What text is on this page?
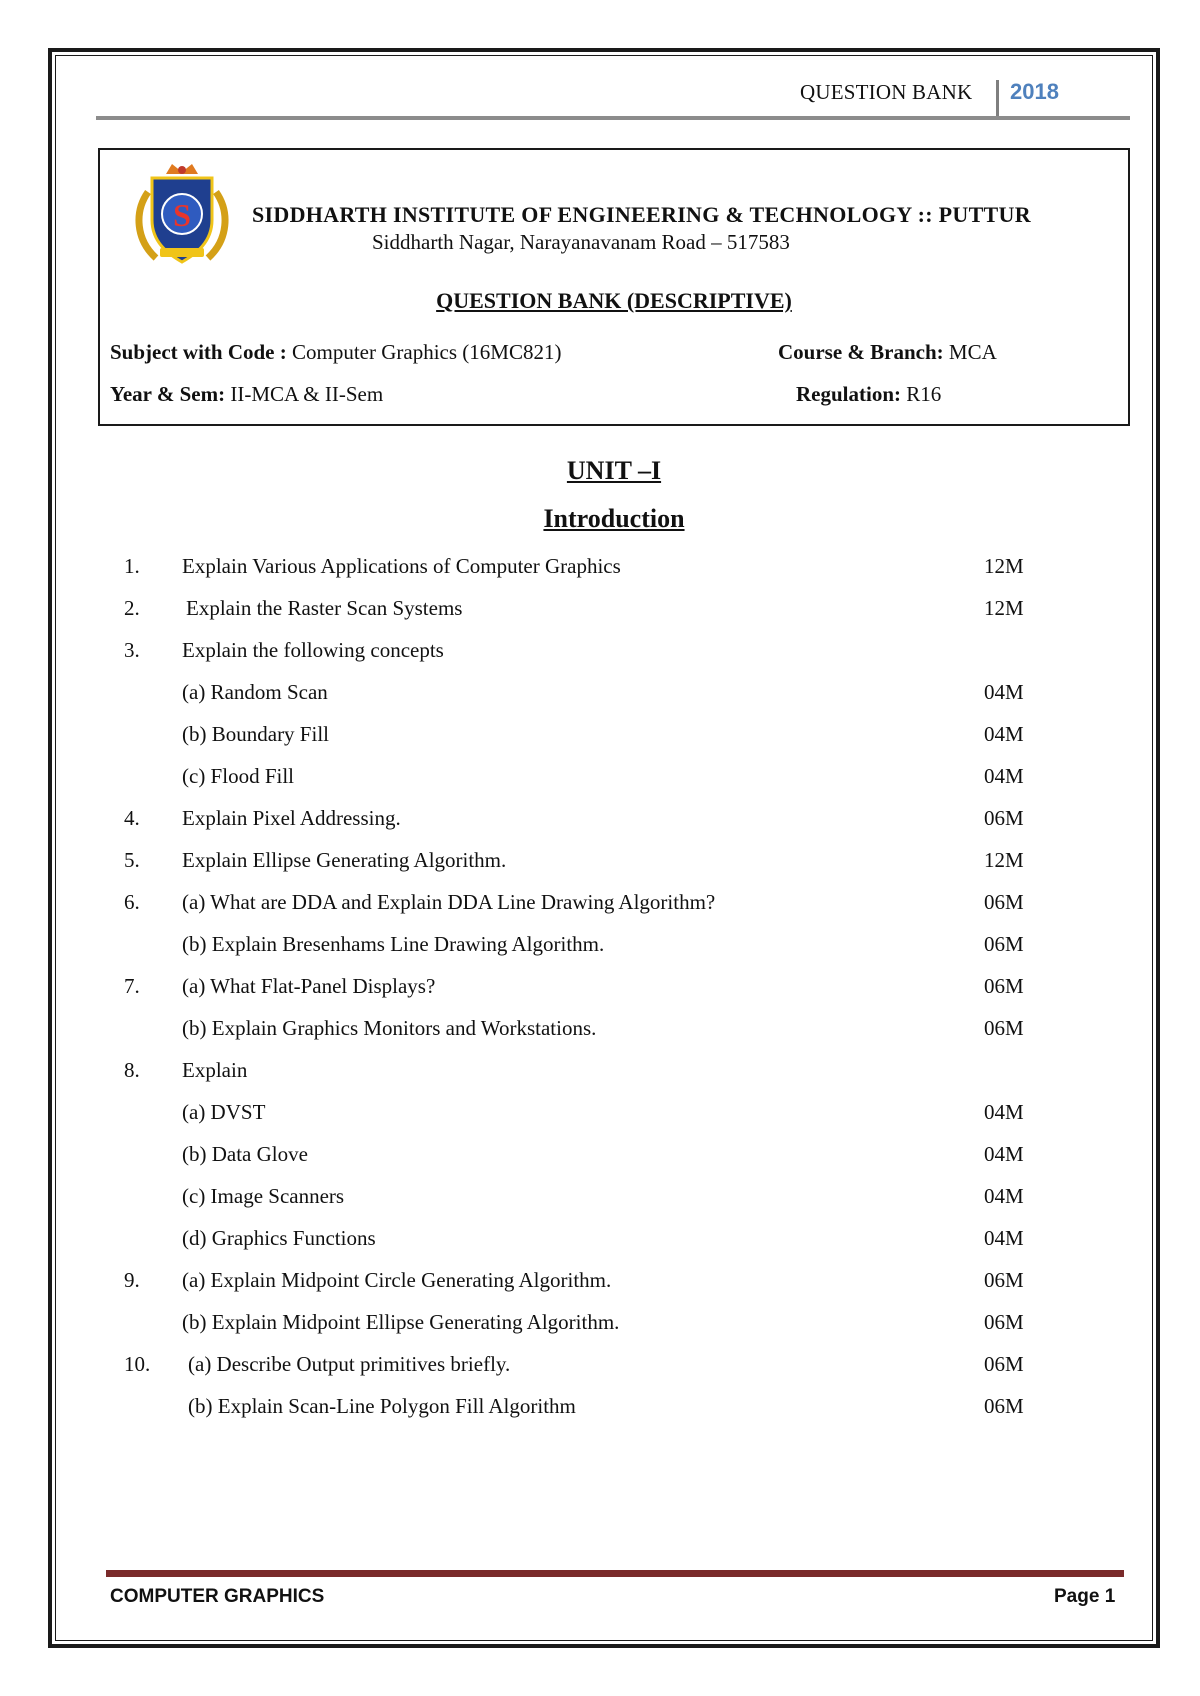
QUESTION BANK 2018
S	SIDDHARTH INSTITUTE OF ENGINEERING & TECHNOLOGY :: PUTTUR
Siddharth Nagar, Narayanavanam Road – 517583
QUESTION BANK (DESCRIPTIVE)
Subject with Code : Computer Graphics (16MC821)	Course & Branch: MCA
Year & Sem: II-MCA & II-Sem	Regulation: R16
UNIT –I
Introduction
1. Explain Various Applications of Computer Graphics	12M
2. Explain the Raster Scan Systems	12M
3. Explain the following concepts
(a) Random Scan	04M
(b) Boundary Fill	04M
(c) Flood Fill	04M
4. Explain Pixel Addressing.	06M
5. Explain Ellipse Generating Algorithm.	12M
6. (a) What are DDA and Explain DDA Line Drawing Algorithm?	06M
(b) Explain Bresenhams Line Drawing Algorithm.	06M
7. (a) What Flat-Panel Displays?	06M
(b) Explain Graphics Monitors and Workstations.	06M
8. Explain
(a) DVST	04M
(b) Data Glove	04M
(c) Image Scanners	04M
(d) Graphics Functions	04M
9. (a) Explain Midpoint Circle Generating Algorithm.	06M
(b) Explain Midpoint Ellipse Generating Algorithm.	06M
10. (a) Describe Output primitives briefly.	06M
(b) Explain Scan-Line Polygon Fill Algorithm	06M
COMPUTER GRAPHICS	Page 1
